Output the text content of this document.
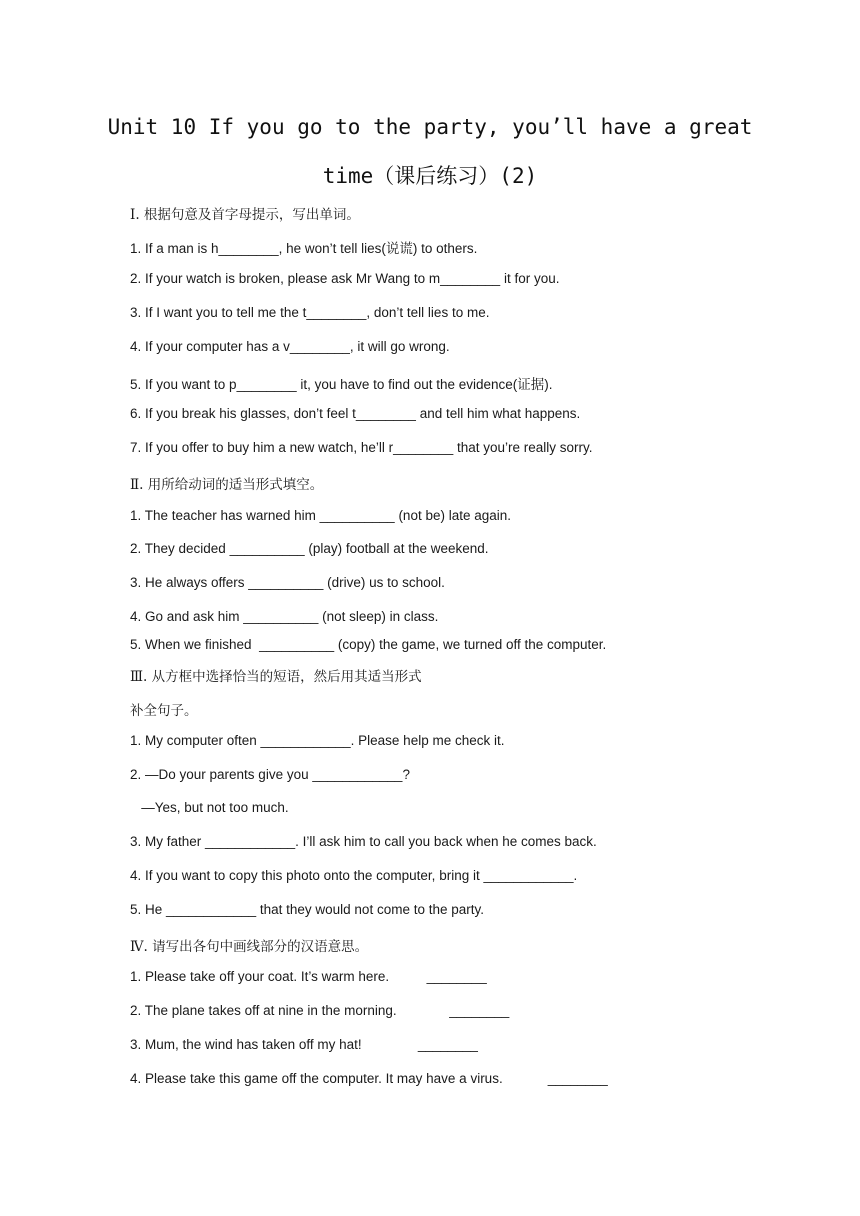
Unit 10 If you go to the party, you’ll have a great
time（课后练习）(2)
Ⅰ. 根据句意及首字母提示，写出单词。
1. If a man is h________, he won’t tell lies(说谎) to others.
2. If your watch is broken, please ask Mr Wang to m________ it for you.
3. If I want you to tell me the t________, don’t tell lies to me.
4. If your computer has a v________, it will go wrong.
5. If you want to p________ it, you have to find out the evidence(证据).
6. If you break his glasses, don’t feel t________ and tell him what happens.
7. If you offer to buy him a new watch, he’ll r________ that you’re really sorry.
Ⅱ. 用所给动词的适当形式填空。
1. The teacher has warned him __________ (not be) late again.
2. They decided __________ (play) football at the weekend.
3. He always offers __________ (drive) us to school.
4. Go and ask him __________ (not sleep) in class.
5. When we finished  __________ (copy) the game, we turned off the computer.
Ⅲ. 从方框中选择恰当的短语，然后用其适当形式
补全句子。
1. My computer often ____________. Please help me check it.
2. —Do your parents give you ____________?
—Yes, but not too much.
3. My father ____________. I’ll ask him to call you back when he comes back.
4. If you want to copy this photo onto the computer, bring it ____________.
5. He ____________ that they would not come to the party.
Ⅳ. 请写出各句中画线部分的汉语意思。
1. Please take off your coat. It’s warm here.          ________
2. The plane takes off at nine in the morning.              ________
3. Mum, the wind has taken off my hat!               ________
4. Please take this game off the computer. It may have a virus.            ________
